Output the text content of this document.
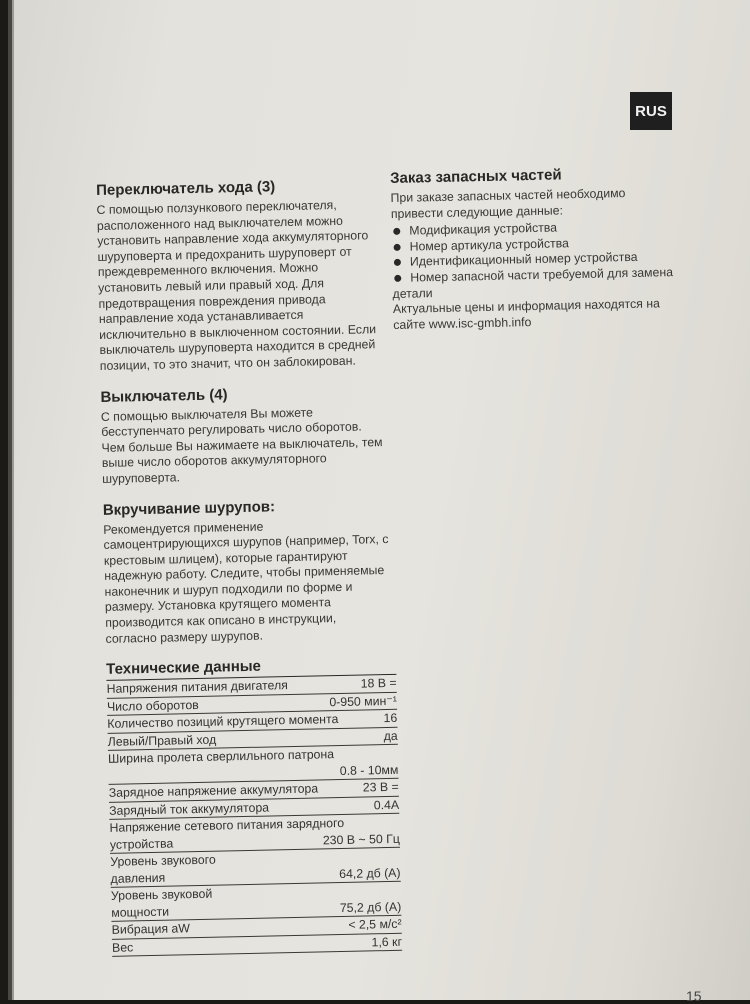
RUS
Переключатель хода (3)

С помощью ползункового переключателя,

расположенного над выключателем можно

установить направление хода аккумуляторного

шуруповерта и предохранить шуруповерт от

преждевременного включения. Можно

установить левый или правый ход. Для

предотвращения повреждения привода

направление хода устанавливается

исключительно в выключенном состоянии. Если

выключатель шуруповерта находится в средней

позиции, то это значит, что он заблокирован.

Выключатель (4)

С помощью выключателя Вы можете

бесступенчато регулировать число оборотов.

Чем больше Вы нажимаете на выключатель, тем

выше число оборотов аккумуляторного

шуруповерта.

Вкручивание шурупов:

Рекомендуется применение

самоцентрирующихся шурупов (например, Torx, с

крестовым шлицем), которые гарантируют

надежную работу. Следите, чтобы применяемые

наконечник и шуруп подходили по форме и

размеру. Установка крутящего момента

производится как описано в инструкции,

согласно размеру шурупов.

Технические данные
Напряжения питания двигателя	18 В =
Число оборотов	0-950 мин⁻¹
Количество позиций крутящего момента	16
Левый/Правый ход	да
Ширина пролета сверлильного патрона
0.8 - 10мм
Зарядное напряжение аккумулятора	23 В =
Зарядный ток аккумулятора	0.4А
Напряжение сетевого питания зарядного
устройства	230 В ~ 50 Гц
Уровень звукового
давления	64,2 дб (А)
Уровень звуковой
мощности	75,2 дб (А)
Вибрация aW	< 2,5 м/с²
Вес	1,6 кг
Заказ запасных частей

При заказе запасных частей необходимо

привести следующие данные:

Модификация устройства
Номер артикула устройства
Идентификационный номер устройства
Номер запасной части требуемой для замена

детали

Актуальные цены и информация находятся на

сайте www.isc-gmbh.info

15
